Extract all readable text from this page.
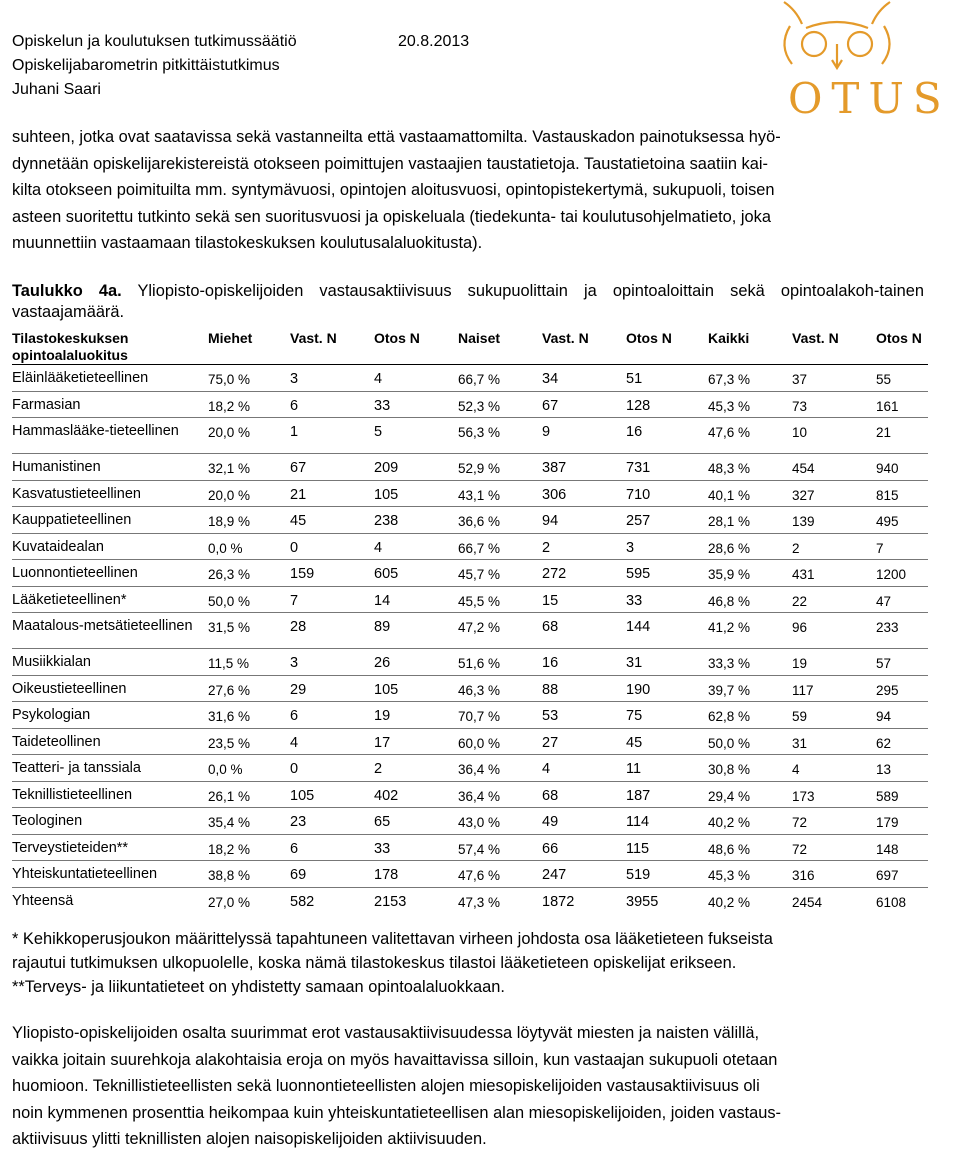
Opiskelun ja koulutuksen tutkimussäätiö	20.8.2013
Opiskelijabarometrin pitkittäistutkimus
Juhani Saari	OTUS

suhteen, jotka ovat saatavissa sekä vastanneilta että vastaamattomilta. Vastauskadon painotuksessa hyö-

dynnetään opiskelijarekistereistä otokseen poimittujen vastaajien taustatietoja. Taustatietoina saatiin kai-

kilta otokseen poimituilta mm. syntymävuosi, opintojen aloitusvuosi, opintopistekertymä, sukupuoli, toisen

asteen suoritettu tutkinto sekä sen suoritusvuosi ja opiskeluala (tiedekunta- tai koulutusohjelmatieto, joka

muunnettiin vastaamaan tilastokeskuksen koulutusalaluokitusta).

Taulukko 4a. Yliopisto-opiskelijoiden vastausaktiivisuus sukupuolittain ja opintoaloittain sekä opintoalakoh-tainen vastaajamäärä.
Tilastokeskuksen opintoalaluokitus	Miehet	Vast. N	Otos N	Naiset	Vast. N	Otos N	Kaikki	Vast. N	Otos N
Eläinlääketieteellinen	75,0 %	3	4	66,7 %	34	51	67,3 %	37	55
Farmasian	18,2 %	6	33	52,3 %	67	128	45,3 %	73	161
Hammaslääke-tieteellinen	20,0 %	1	5	56,3 %	9	16	47,6 %	10	21
Humanistinen	32,1 %	67	209	52,9 %	387	731	48,3 %	454	940
Kasvatustieteellinen	20,0 %	21	105	43,1 %	306	710	40,1 %	327	815
Kauppatieteellinen	18,9 %	45	238	36,6 %	94	257	28,1 %	139	495
Kuvataidealan	0,0 %	0	4	66,7 %	2	3	28,6 %	2	7
Luonnontieteellinen	26,3 %	159	605	45,7 %	272	595	35,9 %	431	1200
Lääketieteellinen*	50,0 %	7	14	45,5 %	15	33	46,8 %	22	47
Maatalous-metsätieteellinen	31,5 %	28	89	47,2 %	68	144	41,2 %	96	233
Musiikkialan	11,5 %	3	26	51,6 %	16	31	33,3 %	19	57
Oikeustieteellinen	27,6 %	29	105	46,3 %	88	190	39,7 %	117	295
Psykologian	31,6 %	6	19	70,7 %	53	75	62,8 %	59	94
Taideteollinen	23,5 %	4	17	60,0 %	27	45	50,0 %	31	62
Teatteri- ja tanssiala	0,0 %	0	2	36,4 %	4	11	30,8 %	4	13
Teknillistieteellinen	26,1 %	105	402	36,4 %	68	187	29,4 %	173	589
Teologinen	35,4 %	23	65	43,0 %	49	114	40,2 %	72	179
Terveystieteiden**	18,2 %	6	33	57,4 %	66	115	48,6 %	72	148
Yhteiskuntatieteellinen	38,8 %	69	178	47,6 %	247	519	45,3 %	316	697
Yhteensä	27,0 %	582	2153	47,3 %	1872	3955	40,2 %	2454	6108

* Kehikkoperusjoukon määrittelyssä tapahtuneen valitettavan virheen johdosta osa lääketieteen fukseista

rajautui tutkimuksen ulkopuolelle, koska nämä tilastokeskus tilastoi lääketieteen opiskelijat erikseen.

**Terveys- ja liikuntatieteet on yhdistetty samaan opintoalaluokkaan.

Yliopisto-opiskelijoiden osalta suurimmat erot vastausaktiivisuudessa löytyvät miesten ja naisten välillä,

vaikka joitain suurehkoja alakohtaisia eroja on myös havaittavissa silloin, kun vastaajan sukupuoli otetaan

huomioon. Teknillistieteellisten sekä luonnontieteellisten alojen miesopiskelijoiden vastausaktiivisuus oli

noin kymmenen prosenttia heikompaa kuin yhteiskuntatieteellisen alan miesopiskelijoiden, joiden vastaus-

aktiivisuus ylitti teknillisten alojen naisopiskelijoiden aktiivisuuden.
